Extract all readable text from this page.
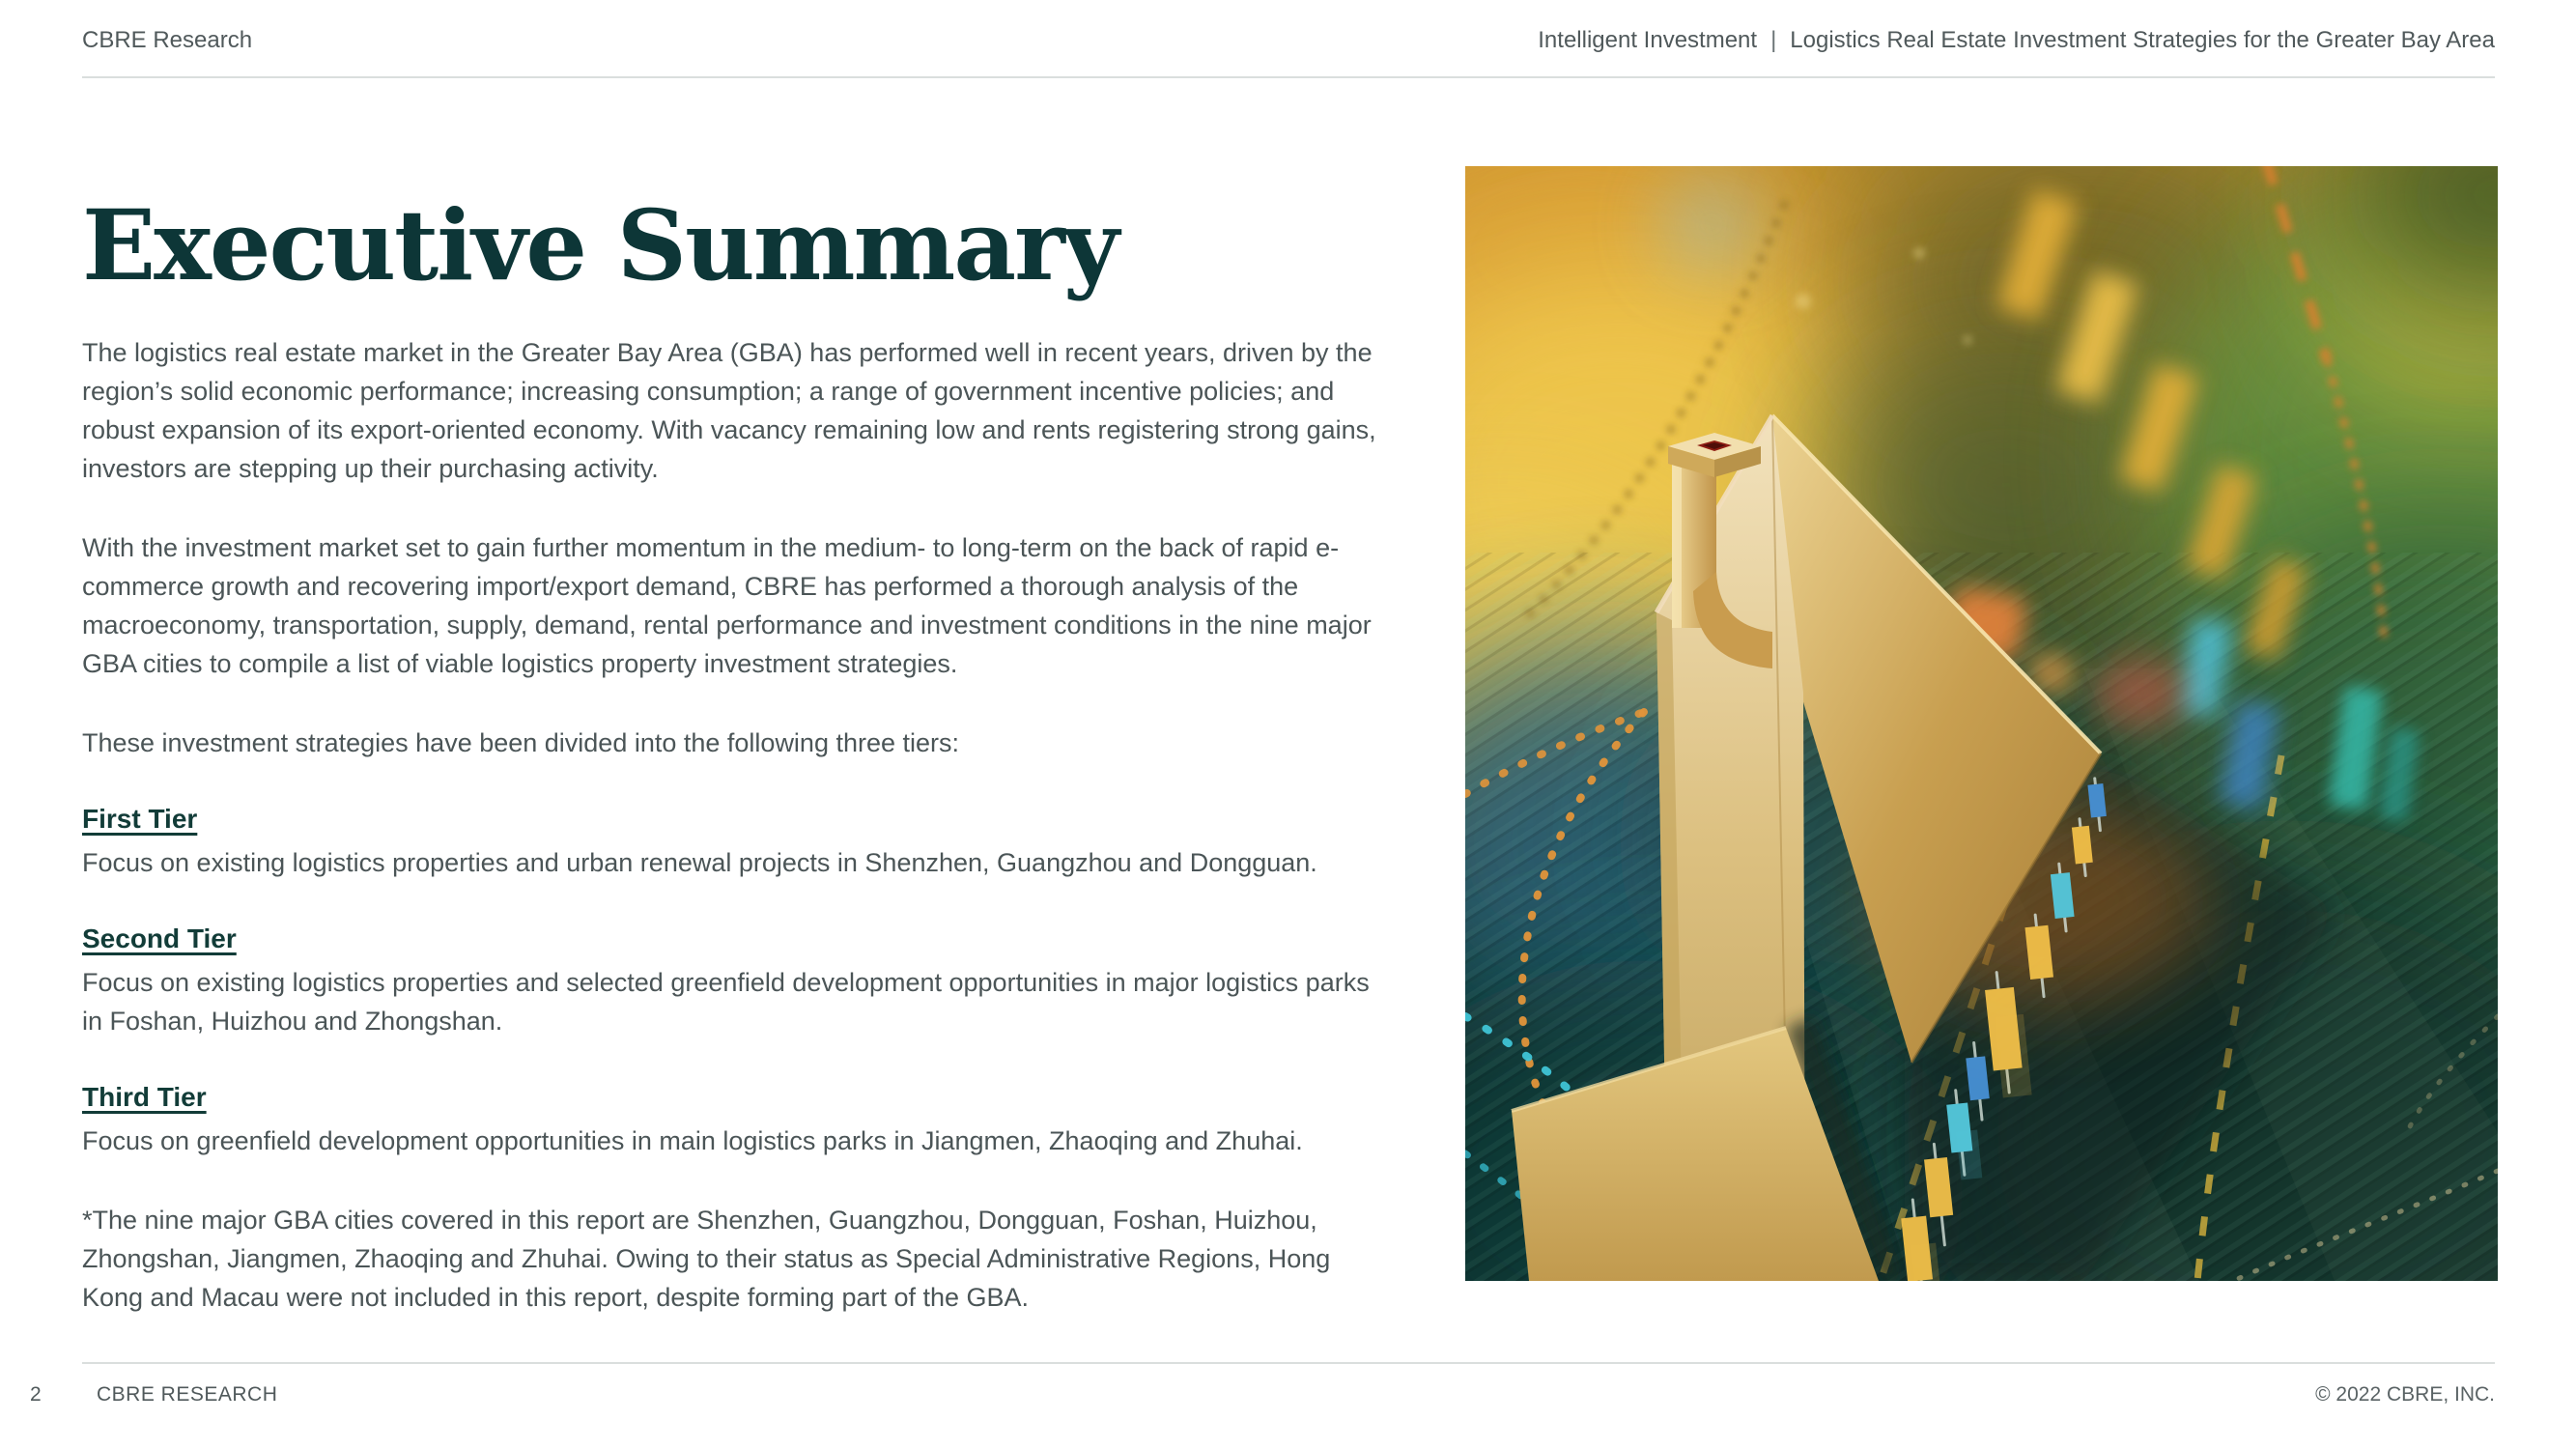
CBRE Research	Intelligent Investment | Logistics Real Estate Investment Strategies for the Greater Bay Area
Executive Summary

The logistics real estate market in the Greater Bay Area (GBA) has performed well in recent years, driven by the region’s solid economic performance; increasing consumption; a range of government incentive policies; and robust expansion of its export-oriented economy. With vacancy remaining low and rents registering strong gains, investors are stepping up their purchasing activity.

With the investment market set to gain further momentum in the medium- to long-term on the back of rapid e-commerce growth and recovering import/export demand, CBRE has performed a thorough analysis of the macroeconomy, transportation, supply, demand, rental performance and investment conditions in the nine major GBA cities to compile a list of viable logistics property investment strategies.

These investment strategies have been divided into the following three tiers:

First Tier

Focus on existing logistics properties and urban renewal projects in Shenzhen, Guangzhou and Dongguan.

Second Tier

Focus on existing logistics properties and selected greenfield development opportunities in major logistics parks in Foshan, Huizhou and Zhongshan.

Third Tier

Focus on greenfield development opportunities in main logistics parks in Jiangmen, Zhaoqing and Zhuhai.

*The nine major GBA cities covered in this report are Shenzhen, Guangzhou, Dongguan, Foshan, Huizhou, Zhongshan, Jiangmen, Zhaoqing and Zhuhai. Owing to their status as Special Administrative Regions, Hong Kong and Macau were not included in this report, despite forming part of the GBA.

2	CBRE RESEARCH	© 2022 CBRE, INC.
